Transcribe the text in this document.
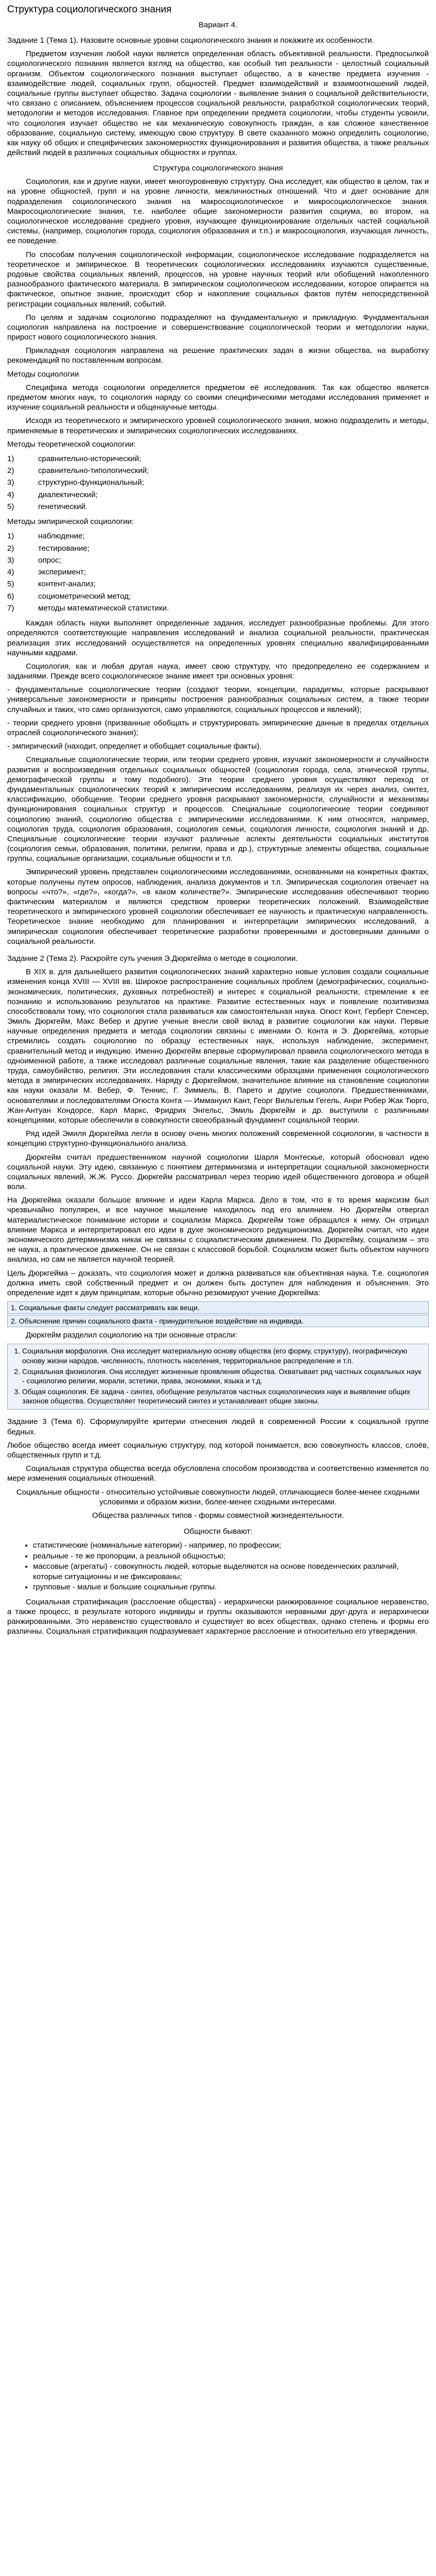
Структура социологического знания
Вариант 4.

Задание 1 (Тема 1). Назовите основные уровни социологического знания и покажите их особенности.

Предметом изучения любой науки является определенная область объективной реальности. Предпосылкой социологического познания является взгляд на общество, как особый тип реальности - целостный социальный организм. Объектом социологического познания выступает общество, а в качестве предмета изучения - взаимодействие людей, социальных групп, общностей. Предмет взаимодействий и взаимоотношений людей, социальные группы выступает общество. Задача социологии - выявление знания о социальной действительности, что связано с описанием, объяснением процессов социальной реальности, разработкой социологических теорий, методологии и методов исследования. Главное при определении предмета социологии, чтобы студенты усвоили, что социология изучает общество не как механическую совокупность граждан, а как сложное качественное образование, социальную систему, имеющую свою структуру. В свете сказанного можно определить социологию, как науку об общих и специфических закономерностях функционирования и развития общества, а также реальных действий людей в различных социальных общностях и группах.

Структура социологического знания

Социология, как и другие науки, имеет многоуровневую структуру. Она исследует, как общество в целом, так и на уровне общностей, групп и на уровне личности, межличностных отношений. Что и дает основание для подразделения социологического знания на макросоциологическое и микросоциологическое знания. Макросоциологические знания, т.е. наиболее общие закономерности развития социума, во втором, на социологическое исследование среднего уровня, изучающее функционирование отдельных частей социальной системы, (например, социология города, социология образования и т.п.) и макросоциология, изучающая личность, ее поведение.

По способам получения социологической информации, социологическое исследование подразделяется на теоретическое и эмпирическое. В теоретических социологических исследованиях изучаются существенные, родовые свойства социальных явлений, процессов, на уровне научных теорий или обобщений накопленного разнообразного фактического материала. В эмпирическом социологическом исследовании, которое опирается на фактическое, опытное знание, происходит сбор и накопление социальных фактов путём непосредственной регистрации социальных явлений, событий.

По целям и задачам социологию подразделяют на фундаментальную и прикладную. Фундаментальная социология направлена на построение и совершенствование социологической теории и методологии науки, прирост нового социологического знания.

Прикладная социология направлена на решение практических задач в жизни общества, на выработку рекомендаций по поставленным вопросам.

Методы социологии

Специфика метода социологии определяется предметом её исследования. Так как общество является предметом многих наук, то социология наряду со своими специфическими методами исследования применяет и изучение социальной реальности и общенаучные методы.

Исходя из теоретического и эмпирического уровней социологического знания, можно подразделить и методы, применяемые в теоретических и эмпирических социологических исследованиях.

Методы теоретической социологии:

1)	сравнительно-исторический;
2)	сравнительно-типологический;
3)	структурно-функциональный;
4)	диалектический;
5)	генетический.

Методы эмпирической социологии:

1)	наблюдение;
2)	тестирование;
3)	опрос;
4)	эксперимент;
5)	контент-анализ;
6)	социометрический метод;
7)	методы математической статистики.

Каждая область науки выполняет определенные задания, исследует разнообразные проблемы. Для этого определяются соответствующие направления исследований и анализа социальной реальности, практическая реализация этих исследований осуществляется на определенных уровнях специально квалифицированными научными кадрами.

Социология, как и любая другая наука, имеет свою структуру, что предопределено ее содержанием и заданиями. Прежде всего социологическое знание имеет три основных уровня:

- фундаментальные социологические теории (создают теории, концепции, парадигмы, которые раскрывают универсальные закономерности и принципы построения разнообразных социальных систем, а также теории случайных и таких, что само организуются, само управляются, социальных процессов и явлений);

- теории среднего уровня (призванные обобщать и структурировать эмпирические данные в пределах отдельных отраслей социологического знания);

- эмпирический (находит, определяет и обобщает социальные факты).

Специальные социологические теории, или теории среднего уровня, изучают закономерности и случайности развития и воспроизведения отдельных социальных общностей (социология города, села, этнической группы, демографической группы и тому подобного). Эти теории среднего уровня осуществляют переход от фундаментальных социологических теорий к эмпирическим исследованиям, реализуя их через анализ, синтез, классификацию, обобщение. Теории среднего уровня раскрывают закономерности, случайности и механизмы функционирования социальных структур и процессов. Специальные социологические теории соединяют социологию знаний, социологию общества с эмпирическими исследованиями. К ним относятся, например, социология труда, социология образования, социология семьи, социология личности, социология знаний и др. Специальные социологические теории изучают различные аспекты деятельности социальных институтов (социология семьи, образования, политики, религии, права и др.), структурные элементы общества, социальные группы, социальные организации, социальные общности и т.п.

Эмпирический уровень представлен социологическими исследованиями, основанными на конкретных фактах, которые получены путем опросов, наблюдения, анализа документов и т.п. Эмпирическая социология отвечает на вопросы «что?», «где?», «когда?», «в каком количестве?». Эмпирические исследования обеспечивают теорию фактическим материалом и являются средством проверки теоретических положений. Взаимодействие теоретического и эмпирического уровней социологии обеспечивает ее научность и практическую направленность. Теоретическое знание необходимо для планирования и интерпретации эмпирических исследований, а эмпирическая социология обеспечивает теоретические разработки проверенными и достоверными данными о социальной реальности.

Задание 2 (Тема 2). Раскройте суть учения Э.Дюркгейма о методе в социологии.

В XIX в. для дальнейшего развития социологических знаний характерно новые условия создали социальные изменения конца XVIII — XVIII вв. Широкое распространение социальных проблем (демографических, социально-экономических, политических, духовных потребностей) и интерес к социальной реальности, стремление к ее познанию и использованию результатов на практике. Развитие естественных наук и появление позитивизма способствовали тому, что социология стала развиваться как самостоятельная наука. Огюст Конт, Герберт Спенсер, Эмиль Дюркгейм, Макс Вебер и другие ученые внесли свой вклад в развитие социологии как науки. Первые научные определения предмета и метода социологии связаны с именами О. Конта и Э. Дюркгейма, которые стремились создать социологию по образцу естественных наук, используя наблюдение, эксперимент, сравнительный метод и индукцию. Именно Дюркгейм впервые сформулировал правила социологического метода в одноименной работе, а также исследовал различные социальные явления, такие как разделение общественного труда, самоубийство, религия. Эти исследования стали классическими образцами применения социологического метода в эмпирических исследованиях. Наряду с Дюркгеймом, значительное влияние на становление социологии как науки оказали М. Вебер, Ф. Теннис, Г. Зиммель, В. Парето и другие социологи. Предшественниками, основателями и последователями Огюста Конта — Иммануил Кант, Георг Вильгельм Гегель, Анри Робер Жак Тюрго, Жан-Антуан Кондорсе, Карл Маркс, Фридрих Энгельс, Эмиль Дюркгейм и др. выступили с различными концепциями, которые обеспечили в совокупности своеобразный фундамент социальной теории.

Ряд идей Эмиля Дюркгейма легли в основу очень многих положений современной социологии, в частности в концепцию структурно-функционального анализа.

Дюркгейм считал предшественником научной социологии Шарля Монтескье, который обосновал идею социальной науки. Эту идею, связанную с понятием детерминизма и интерпретации социальной закономерности социальных явлений, Ж.Ж. Руссо. Дюркгейм рассматривал через теорию идей общественного договора и общей воли.

На Дюркгейма оказали большое влияние и идеи Карла Маркса. Дело в том, что в то время марксизм был чрезвычайно популярен, и все научное мышление находилось под его влиянием. Но Дюркгейм отвергал материалистическое понимание истории и социализм Маркса. Дюркгейм тоже обращался к нему. Он отрицал влияние Маркса и интерпретировал его идеи в духе экономического редукционизма. Дюркгейм считал, что идеи экономического детерминизма никак не связаны с социалистическим движением. По Дюркгейму, социализм – это не наука, а практическое движение. Он не связан с классовой борьбой. Социализм может быть объектом научного анализа, но сам не является научной теорией.

Цель Дюркгейма – доказать, что социология может и должна развиваться как объективная наука. Т.е. социология должна иметь свой собственный предмет и он должен быть доступен для наблюдения и объяснения. Это определение идет к двум принципам, которые обычно резюмируют учение Дюркгейма:

1. Социальные факты следует рассматривать как вещи.
2. Объяснение причин социального факта - принудительное воздействие на индивида.

Дюркгейм разделил социологию на три основные отрасли:

1. Социальная морфология. Она исследует материальную основу общества (его форму, структуру), географическую основу жизни народов, численность, плотность населения, территориальное распределение и т.п.
2. Социальная физиология. Она исследует жизненные проявления общества. Охватывает ряд частных социальных наук - социологию религии, морали, эстетики, права, экономики, языка и т.д.
3. Общая социология. Её задача - синтез, обобщение результатов частных социологических наук и выявление общих законов общества. Осуществляет теоретический синтез и устанавливает общие законы.

Задание 3 (Тема 6). Сформулируйте критерии отнесения людей в современной России к социальной группе бедных.

Любое общество всегда имеет социальную структуру, под которой понимается, всю совокупность классов, слоёв, общественных групп и т.д.

Социальная структура общества всегда обусловлена способом производства и соответственно изменяется по мере изменения социальных отношений.

Социальные общности - относительно устойчивые совокупности людей, отличающиеся более-менее сходными условиями и образом жизни, более-менее сходными интересами.

Общества различных типов - формы совместной жизнедеятельности.

Общности бывают:

• статистические (номинальные категории) - например, по профессии;
• реальные - те же пропорции, а реальной общностью;
• массовые (агрегаты) - совокупность людей, которые выделяются на основе поведенческих различий, которые ситуационны и не фиксированы;
• групповые - малые и большие социальные группы.

Социальная стратификация (расслоение общества) - иерархически ранжированное социальное неравенство, а также процесс, в результате которого индивиды и группы оказываются неравными друг-друга и иерархически ранжированными. Это неравенство существовало и существует во всех обществах, однако степень и формы его различны. Социальная стратификация подразумевает характерное расслоение и относительно его утверждения.
